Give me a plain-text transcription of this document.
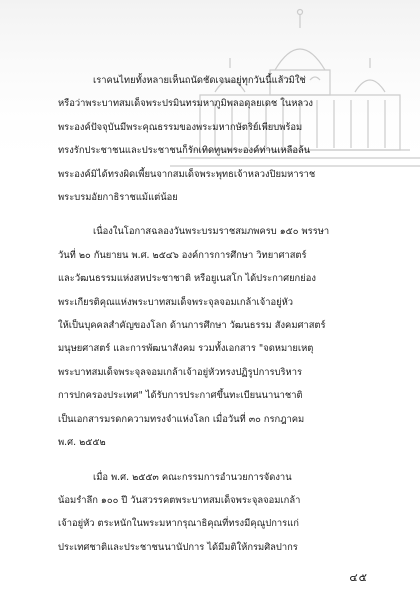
เราคนไทยทั้งหลายเห็นถนัดชัดเจนอยู่ทุกวันนี้แล้วมิใช่
หรือว่าพระบาทสมเด็จพระปรมินทรมหาภูมิพลอดุลยเดช ในหลวง
พระองค์ปัจจุบันมีพระคุณธรรมของพระมหากษัตริย์เพียบพร้อม
ทรงรักประชาชนและประชาชนก็รักเทิดทูนพระองค์ท่านเหลือล้น
พระองค์มิได้ทรงผิดเพี้ยนจากสมเด็จพระพุทธเจ้าหลวงปิยมหาราช
พระบรมอัยกาธิราชแม้แต่น้อย
เนื่องในโอกาสฉลองวันพระบรมราชสมภพครบ ๑๕๐ พรรษา
วันที่ ๒๐ กันยายน พ.ศ. ๒๕๔๖ องค์การการศึกษา วิทยาศาสตร์
และวัฒนธรรมแห่งสหประชาชาติ หรือยูเนสโก ได้ประกาศยกย่อง
พระเกียรติคุณแห่งพระบาทสมเด็จพระจุลจอมเกล้าเจ้าอยู่หัว
ให้เป็นบุคคลสำคัญของโลก ด้านการศึกษา วัฒนธรรม สังคมศาสตร์
มนุษยศาสตร์ และการพัฒนาสังคม รวมทั้งเอกสาร "จดหมายเหตุ
พระบาทสมเด็จพระจุลจอมเกล้าเจ้าอยู่หัวทรงปฏิรูปการบริหาร
การปกครองประเทศ" ได้รับการประกาศขึ้นทะเบียนนานาชาติ
เป็นเอกสารมรดกความทรงจำแห่งโลก เมื่อวันที่ ๓๐ กรกฎาคม
พ.ศ. ๒๕๕๒
เมื่อ พ.ศ. ๒๕๕๓ คณะกรรมการอำนวยการจัดงาน
น้อมรำลึก ๑๐๐ ปี วันสวรรคตพระบาทสมเด็จพระจุลจอมเกล้า
เจ้าอยู่หัว ตระหนักในพระมหากรุณาธิคุณที่ทรงมีคุณูปการแก่
ประเทศชาติและประชาชนนานัปการ ได้มีมติให้กรมศิลปากร
๔๕
